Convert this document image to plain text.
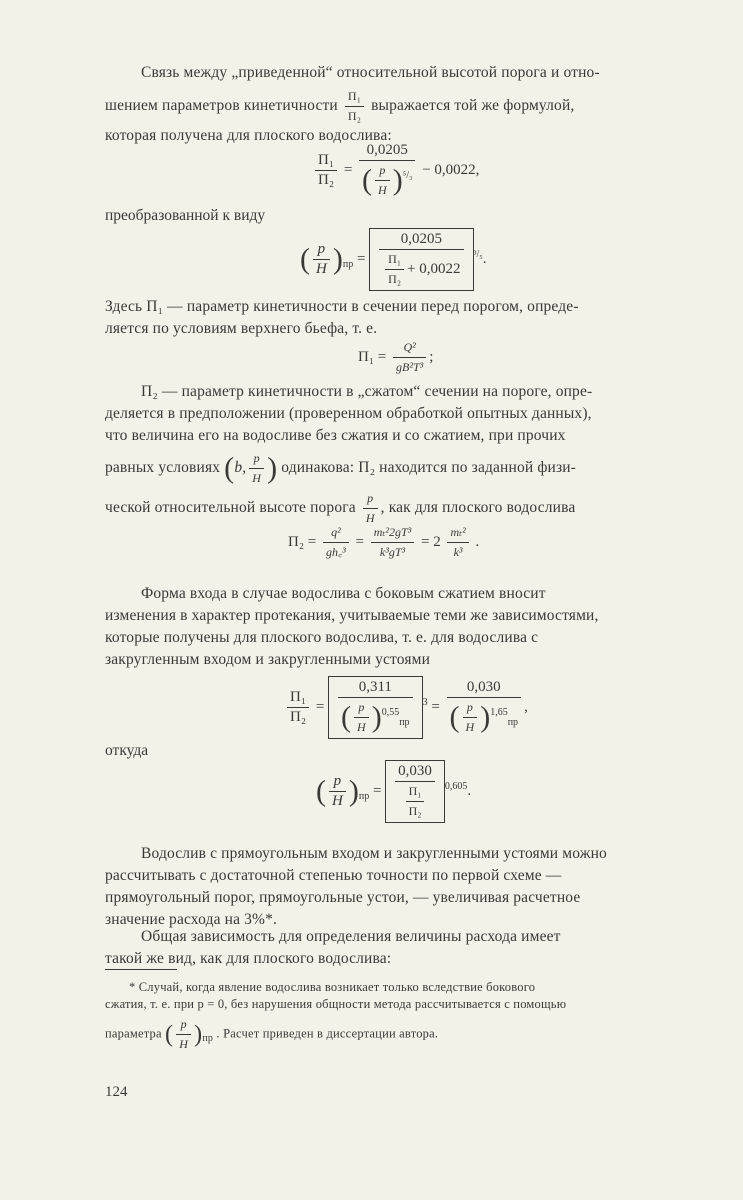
Связь между „приведенной“ относительной высотой порога и отно-
шением параметров кинетичности $\frac{\text{П₁}}{\text{П₂}}$ выражается той же формулой,
которая получена для плоского водослива:
$\frac{\text{П₁}}{\text{П₂}} = \frac{0,0205}{( \frac{p}{H} )^{^5/_3}} - 0,0022$,
преобразованной к виду
( $\frac{p}{H} )_{пр} = \frac{0,0205}{\frac{\text{П₁}}{\text{П₂}} + 0,0022} ^{^3/_5}$.
Здесь П₁ — параметр кинетичности в сечении перед порогом, опреде-
ляется по условиям верхнего бьефа, т. е.
$П_1 = \frac{\text{Q²}}{\text{gB²T³}}$ ;
П₂ — параметр кинетичности в „сжатом“ сечении на пороге, опре-
деляется в предположении (проверенном обработкой опытных данных),
что величина его на водосливе без сжатия и со сжатием, при прочих
равных условиях (b, $\frac{p}{H}$ ) одинакова: П₂ находится по заданной физи-
ческой относительной высоте порога $\frac{p}{H}$ , как для плоского водослива
$П_2 = \frac{\text{q²}}{\text{gh꜀³}} = \frac{\text{mₜ²2gT³}}{\text{k³gT³}} = 2 \frac{\text{mₜ²}}{\text{k³}}$ .
Форма входа в случае водослива с боковым сжатием вносит
изменения в характер протекания, учитываемые теми же зависимостями,
которые получены для плоского водослива, т. е. для водослива с
закругленным входом и закругленными устоями
$\frac{\text{П₁}}{\text{П₂}} = \frac{0,311}{( \frac{p}{H} )^{0,55}_{пр}} ^3 = \frac{0,030}{( \frac{p}{H} )^{1,65}_{пр}}$ ,
откуда
( $\frac{p}{H} )_{пр} = \frac{0,030}{\frac{\text{П₁}}{\text{П₂}}} ^{0,605}$.
Водослив с прямоугольным входом и закругленными устоями можно
рассчитывать с достаточной степенью точности по первой схеме —
прямоугольный порог, прямоугольные устои, — увеличивая расчетное
значение расхода на 3%*.
Общая зависимость для определения величины расхода имеет
такой же вид, как для плоского водослива:
* Случай, когда явление водослива возникает только вследствие бокового
сжатия, т. е. при p = 0, без нарушения общности метода рассчитывается с помощью
параметра ( $\frac{p}{H} )_{пр}$ . Расчет приведен в диссертации автора.
124
